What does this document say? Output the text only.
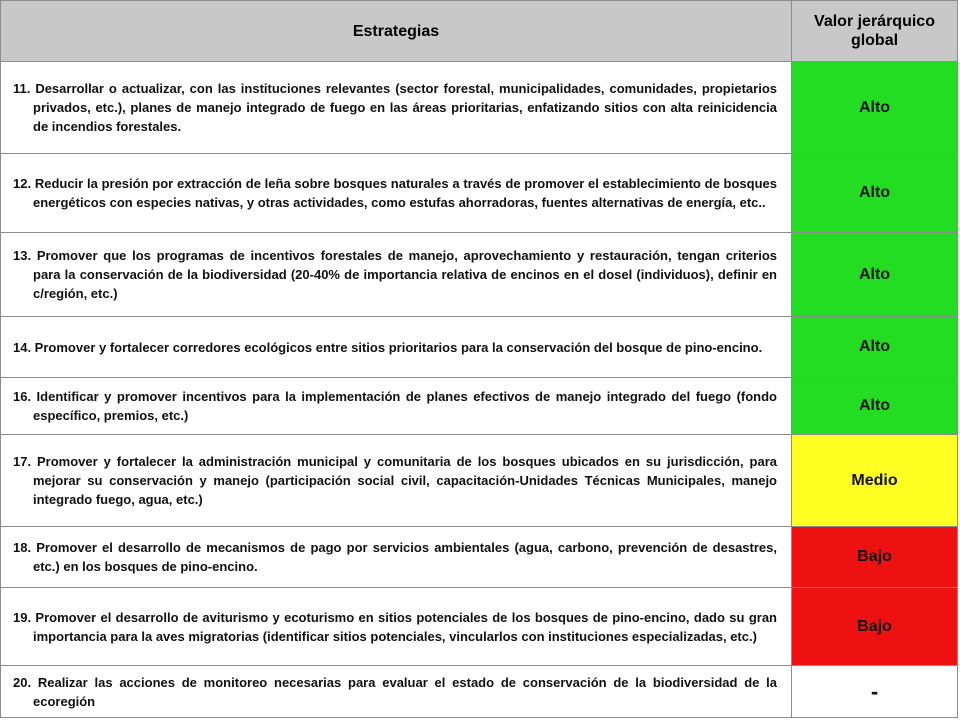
Estrategias	Valor jerárquico
global

11. Desarrollar o actualizar, con las instituciones relevantes (sector forestal, municipalidades, comunidades, propietarios privados, etc.), planes de manejo integrado de fuego en las áreas prioritarias, enfatizando sitios con alta reinicidencia de incendios forestales.	Alto

12. Reducir la presión por extracción de leña sobre bosques naturales a través de promover el establecimiento de bosques energéticos con especies nativas, y otras actividades, como estufas ahorradoras, fuentes alternativas de energía, etc..	Alto

13. Promover que los programas de incentivos forestales de manejo, aprovechamiento y restauración, tengan criterios para la conservación de la biodiversidad (20-40% de importancia relativa de encinos en el dosel (individuos), definir en c/región, etc.)	Alto

14. Promover y fortalecer corredores ecológicos entre sitios prioritarios para la conservación del bosque de pino-encino.	Alto

16. Identificar y promover incentivos para la implementación de planes efectivos de manejo integrado del fuego (fondo específico, premios, etc.)	Alto

17. Promover y fortalecer la administración municipal y comunitaria de los bosques ubicados en su jurisdicción, para mejorar su conservación y manejo (participación social civil, capacitación-Unidades Técnicas Municipales, manejo integrado fuego, agua, etc.)	Medio

18. Promover el desarrollo de mecanismos de pago por servicios ambientales (agua, carbono, prevención de desastres, etc.) en los bosques de pino-encino.	Bajo

19. Promover el desarrollo de aviturismo y ecoturismo en sitios potenciales de los bosques de pino-encino, dado su gran importancia para la aves migratorias (identificar sitios potenciales, vincularlos con instituciones especializadas, etc.)	Bajo

20. Realizar las acciones de monitoreo necesarias para evaluar el estado de conservación de la biodiversidad de la ecoregión	-
